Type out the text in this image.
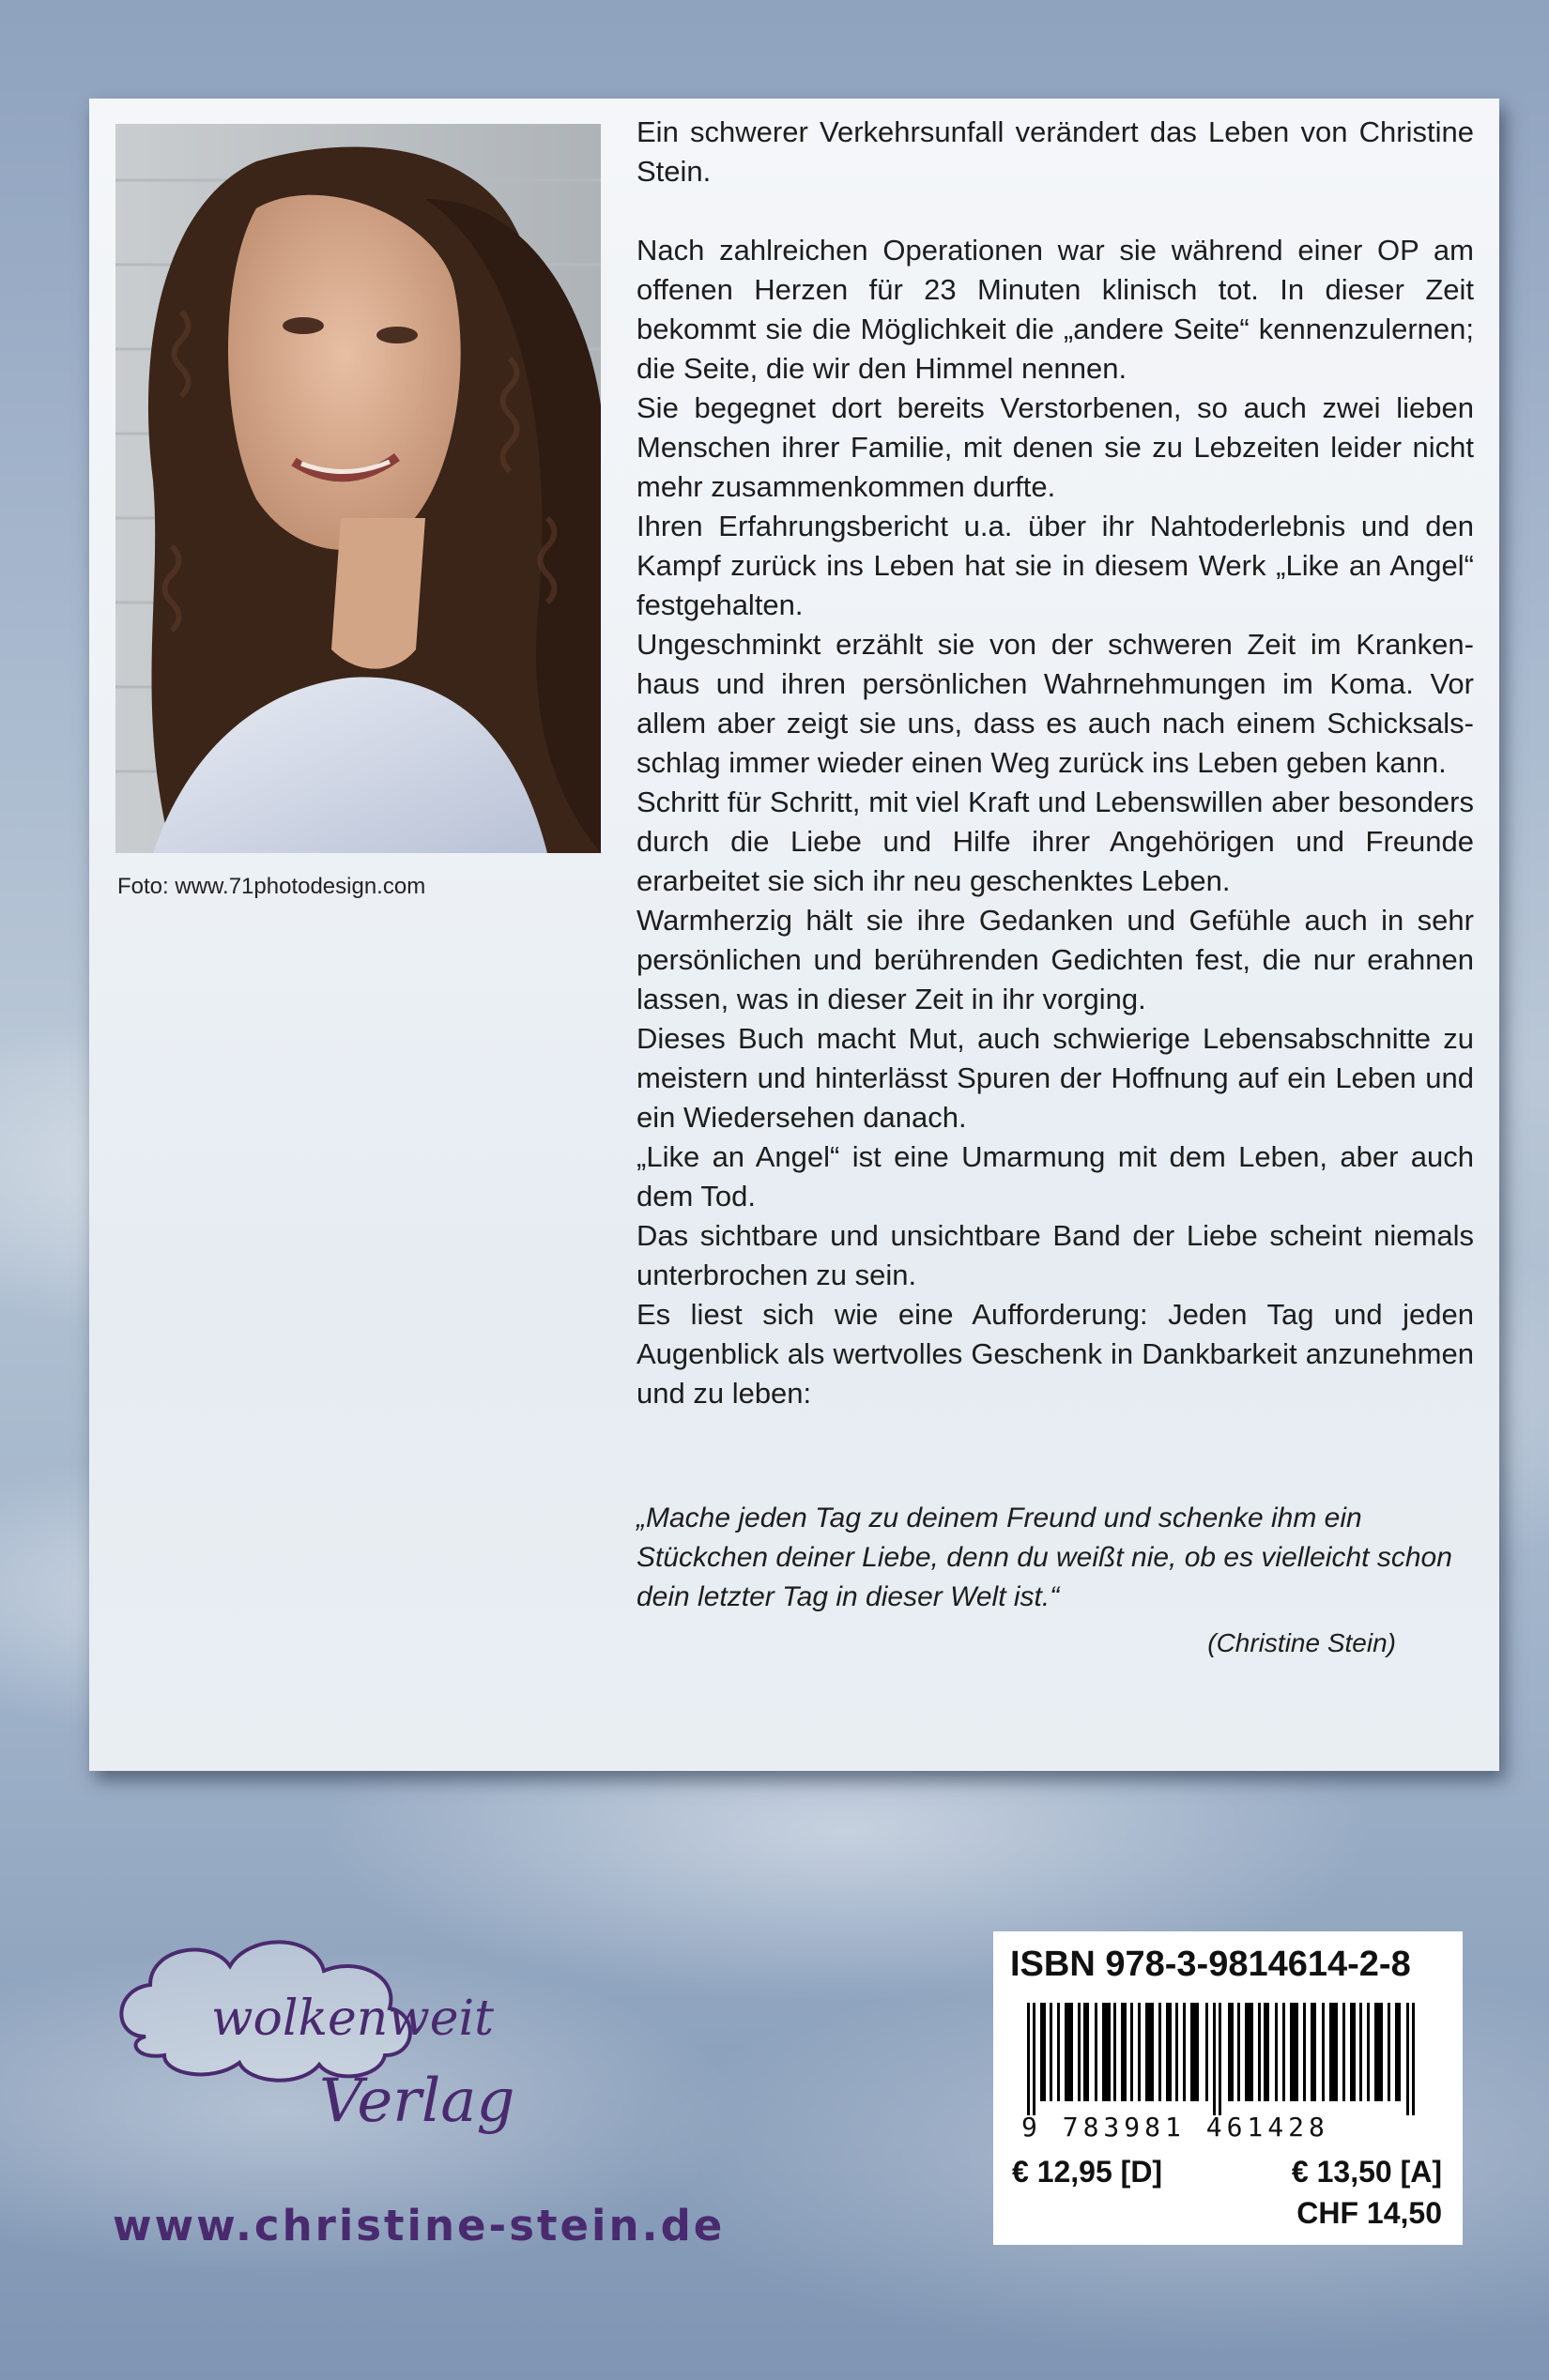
Foto: www.71photodesign.com

Ein schwerer Verkehrsunfall verändert das Leben von Christine Stein.

Nach zahlreichen Operationen war sie während einer OP am offenen Herzen für 23 Minuten klinisch tot. In dieser Zeit bekommt sie die Möglichkeit die „andere Seite“ kennenzulernen; die Seite, die wir den Himmel nennen.

Sie begegnet dort bereits Verstorbenen, so auch zwei lieben Menschen ihrer Familie, mit denen sie zu Lebzeiten leider nicht mehr zusammenkommen durfte.

Ihren Erfahrungsbericht u.a. über ihr Nahtoderlebnis und den Kampf zurück ins Leben hat sie in diesem Werk „Like an Angel“ festgehalten.

Ungeschminkt erzählt sie von der schweren Zeit im Krankenhaus und ihren persönlichen Wahrnehmungen im Koma. Vor allem aber zeigt sie uns, dass es auch nach einem Schicksalsschlag immer wieder einen Weg zurück ins Leben geben kann.

Schritt für Schritt, mit viel Kraft und Lebenswillen aber besonders durch die Liebe und Hilfe ihrer Angehörigen und Freunde erarbeitet sie sich ihr neu geschenktes Leben.

Warmherzig hält sie ihre Gedanken und Gefühle auch in sehr persönlichen und berührenden Gedichten fest, die nur erahnen lassen, was in dieser Zeit in ihr vorging.

Dieses Buch macht Mut, auch schwierige Lebensabschnitte zu meistern und hinterlässt Spuren der Hoffnung auf ein Leben und ein Wiedersehen danach.

„Like an Angel“ ist eine Umarmung mit dem Leben, aber auch dem Tod.

Das sichtbare und unsichtbare Band der Liebe scheint niemals unterbrochen zu sein.

Es liest sich wie eine Aufforderung: Jeden Tag und jeden Augenblick als wertvolles Geschenk in Dankbarkeit anzunehmen und zu leben:

„Mache jeden Tag zu deinem Freund und schenke ihm ein Stückchen deiner Liebe, denn du weißt nie, ob es vielleicht schon dein letzter Tag in dieser Welt ist.“
(Christine Stein)
wolkenweit
Verlag
www.christine-stein.de
ISBN 978-3-9814614-2-8
9 783981 461428
€ 12,95 [D]	€ 13,50 [A]
CHF 14,50
